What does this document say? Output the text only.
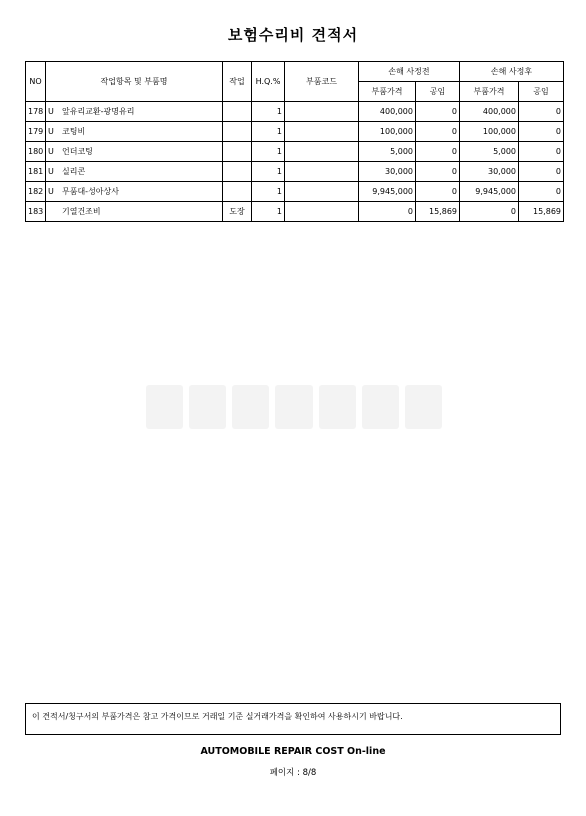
보험수리비 견적서
NO	작업항목 및 부품명	작업	H.Q.%	부품코드	손해 사정전		손해 사정후	
					부품가격	공임	부품가격	공임
178	U 앞유리교환-광명유리		1		400,000	0	400,000	0
179	U 코팅비		1		100,000	0	100,000	0
180	U 언더코팅		1		5,000	0	5,000	0
181	U 실리콘		1		30,000	0	30,000	0
182	U 무품대-성아상사		1		9,945,000	0	9,945,000	0
183	기열건조비	도장	1		0	15,869	0	15,869
이 견적서/청구서의 부품가격은 참고 가격이므로 거래일 기준 실거래가격을 확인하여 사용하시기 바랍니다.
AUTOMOBILE REPAIR COST On-line
페이지 : 8/8
